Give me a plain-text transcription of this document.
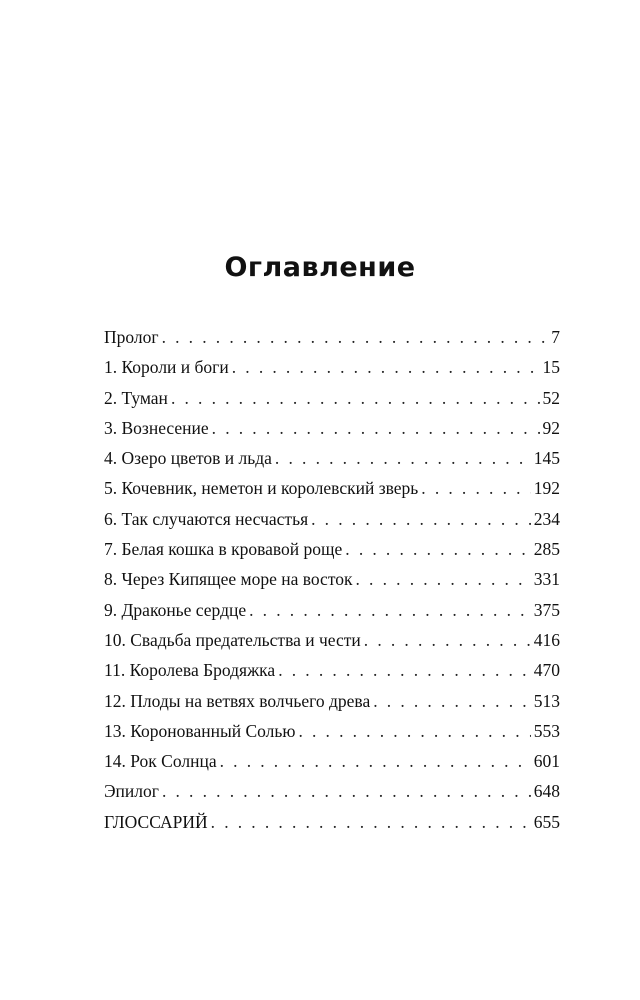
Оглавление
Пролог . . .	7
1. Короли и боги . . .	15
2. Туман . . .	52
3. Вознесение . . .	92
4. Озеро цветов и льда . . .	145
5. Кочевник, неметон и королевский зверь . . .	192
6. Так случаются несчастья . . .	234
7. Белая кошка в кровавой роще . . .	285
8. Через Кипящее море на восток . . .	331
9. Драконье сердце . . .	375
10. Свадьба предательства и чести . . .	416
11. Королева Бродяжка . . .	470
12. Плоды на ветвях волчьего древа . . .	513
13. Коронованный Солью . . .	553
14. Рок Солнца . . .	601
Эпилог . . .	648
ГЛОССАРИЙ . . .	655
